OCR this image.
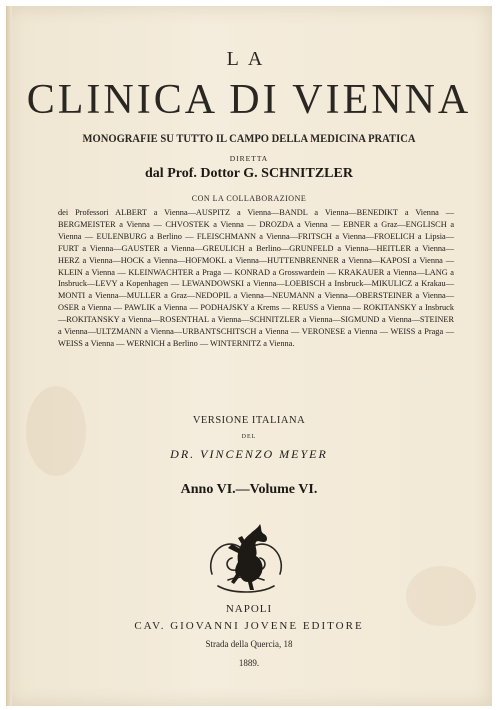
LA
CLINICA DI VIENNA
MONOGRAFIE SU TUTTO IL CAMPO DELLA MEDICINA PRATICA
DIRETTA
dal Prof. Dottor G. SCHNITZLER
CON LA COLLABORAZIONE
dei Professori ALBERT a Vienna—AUSPITZ a Vienna—BANDL a Vienna—BENEDIKT a Vienna — BERGMEISTER a Vienna — CHVOSTEK a Vienna — DROZDA a Vienna — EBNER a Graz—ENGLISCH a Vienna — EULENBURG a Berlino — FLEISCHMANN a Vienna—FRITSCH a Vienna—FROELICH a Lipsia—FURT a Vienna—GAUSTER a Vienna—GREULICH a Berlino—GRUNFELD a Vienna—HEITLER a Vienna—HERZ a Vienna—HOCK a Vienna—HOFMOKL a Vienna—HUTTENBRENNER a Vienna—KAPOSI a Vienna — KLEIN a Vienna — KLEINWACHTER a Praga — KONRAD a Grosswardein — KRAKAUER a Vienna—LANG a Insbruck—LEVY a Kopenhagen — LEWANDOWSKI a Vienna—LOEBISCH a Insbruck—MIKULICZ a Krakau—MONTI a Vienna—MULLER a Graz—NEDOPIL a Vienna—NEUMANN a Vienna—OBERSTEINER a Vienna—OSER a Vienna — PAWLIK a Vienna — PODHAJSKY a Krems — REUSS a Vienna — ROKITANSKY a Insbruck—ROKITANSKY a Vienna—ROSENTHAL a Vienna—SCHNITZLER a Vienna—SIGMUND a Vienna—STEINER a Vienna—ULTZMANN a Vienna—URBANTSCHITSCH a Vienna — VERONESE a Vienna — WEISS a Praga — WEISS a Vienna — WERNICH a Berlino — WINTERNITZ a Vienna.
VERSIONE ITALIANA
DEL
DR. VINCENZO MEYER
Anno VI.—Volume VI.
NAPOLI
CAV. GIOVANNI JOVENE EDITORE
Strada della Quercia, 18
1889.
